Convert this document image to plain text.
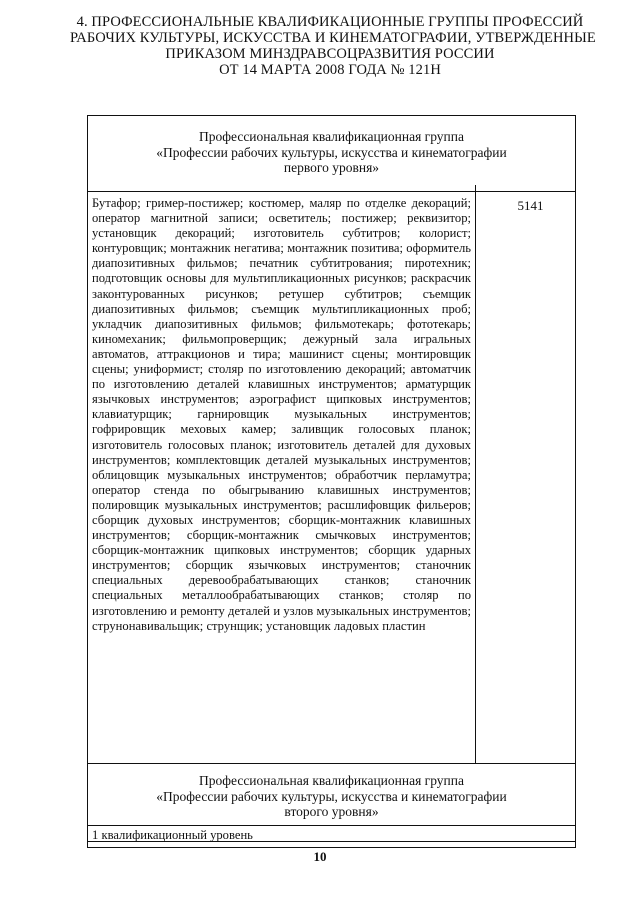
4. ПРОФЕССИОНАЛЬНЫЕ КВАЛИФИКАЦИОННЫЕ ГРУППЫ ПРОФЕССИЙ
РАБОЧИХ КУЛЬТУРЫ, ИСКУССТВА И КИНЕМАТОГРАФИИ, УТВЕРЖДЕННЫЕ
ПРИКАЗОМ МИНЗДРАВСОЦРАЗВИТИЯ РОССИИ
ОТ 14 МАРТА 2008 ГОДА № 121Н
Профессиональная квалификационная группа
«Профессии рабочих культуры, искусства и кинематографии
первого уровня»
Бутафор; гример-постижер; костюмер, маляр по отделке декораций; оператор магнитной записи; осветитель; постижер; реквизитор; установщик декораций; изготовитель субтитров; колорист; контуровщик; монтажник негатива; монтажник позитива; оформитель диапозитивных фильмов; печатник субтитрования; пиротехник; подготовщик основы для мультипликационных рисунков; раскрасчик законтурованных рисунков; ретушер субтитров; съемщик диапозитивных фильмов; съемщик мультипликационных проб; укладчик диапозитивных фильмов; фильмотекарь; фототекарь; киномеханик; фильмопроверщик; дежурный зала игральных автоматов, аттракционов и тира; машинист сцены; монтировщик сцены; униформист; столяр по изготовлению декораций; автоматчик по изготовлению деталей клавишных инструментов; арматурщик язычковых инструментов; аэрографист щипковых инструментов; клавиатурщик; гарнировщик музыкальных инструментов; гофрировщик меховых камер; заливщик голосовых планок; изготовитель голосовых планок; изготовитель деталей для духовых инструментов; комплектовщик деталей музыкальных инструментов; облицовщик музыкальных инструментов; обработчик перламутра; оператор стенда по обыгрыванию клавишных инструментов; полировщик музыкальных инструментов; расшлифовщик фильеров; сборщик духовых инструментов; сборщик-монтажник клавишных инструментов; сборщик-монтажник смычковых инструментов; сборщик-монтажник щипковых инструментов; сборщик ударных инструментов; сборщик язычковых инструментов; станочник специальных деревообрабатывающих станков; станочник специальных металлообрабатывающих станков; столяр по изготовлению и ремонту деталей и узлов музыкальных инструментов; струнонавивальщик; струнщик; установщик ладовых пластин
5141
Профессиональная квалификационная группа
«Профессии рабочих культуры, искусства и кинематографии
второго уровня»
1 квалификационный уровень
10
